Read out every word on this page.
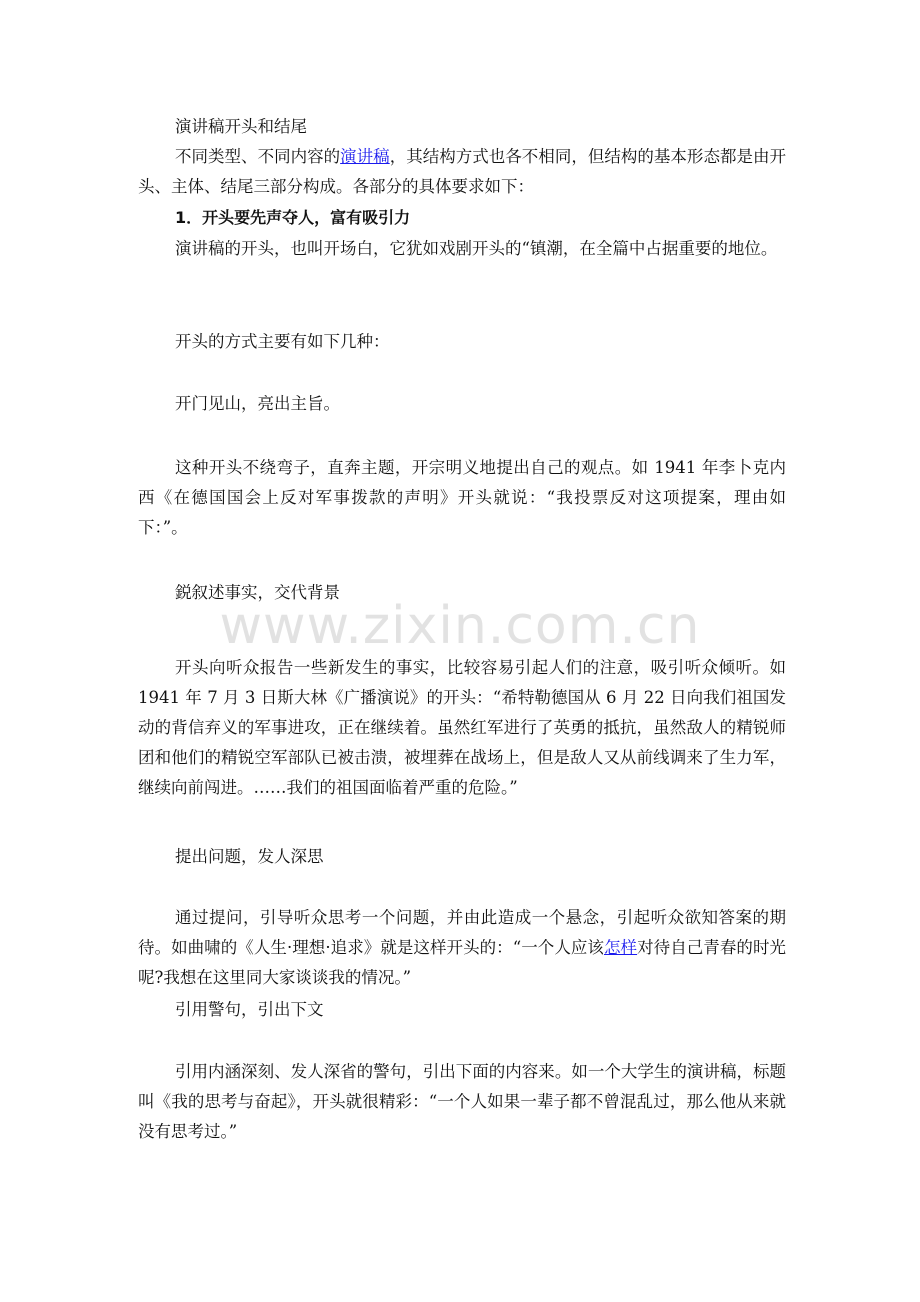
演讲稿开头和结尾

不同类型、不同内容的演讲稿，其结构方式也各不相同，但结构的基本形态都是由开头、主体、结尾三部分构成。各部分的具体要求如下：

1．开头要先声夺人，富有吸引力

演讲稿的开头，也叫开场白，它犹如戏剧开头的“镇潮，在全篇中占据重要的地位。

开头的方式主要有如下几种：

开门见山，亮出主旨。

这种开头不绕弯子，直奔主题，开宗明义地提出自己的观点。如 1941 年李卜克内西《在德国国会上反对军事拨款的声明》开头就说：“我投票反对这项提案，理由如下：”。

鋭叙述事实，交代背景

开头向听众报告一些新发生的事实，比较容易引起人们的注意，吸引听众倾听。如 1941 年 7 月 3 日斯大林《广播演说》的开头：“希特勒德国从 6 月 22 日向我们祖国发动的背信弃义的军事进攻，正在继续着。虽然红军进行了英勇的抵抗，虽然敌人的精锐师团和他们的精锐空军部队已被击溃，被埋葬在战场上，但是敌人又从前线调来了生力军，继续向前闯进。……我们的祖国面临着严重的危险。”

提出问题，发人深思

通过提问，引导听众思考一个问题，并由此造成一个悬念，引起听众欲知答案的期待。如曲啸的《人生·理想·追求》就是这样开头的：“一个人应该怎样对待自己青春的时光呢?我想在这里同大家谈谈我的情况。”

引用警句，引出下文

引用内涵深刻、发人深省的警句，引出下面的内容来。如一个大学生的演讲稿，标题叫《我的思考与奋起》，开头就很精彩：“一个人如果一辈子都不曾混乱过，那么他从来就没有思考过。”

www.zixin.com.cn
